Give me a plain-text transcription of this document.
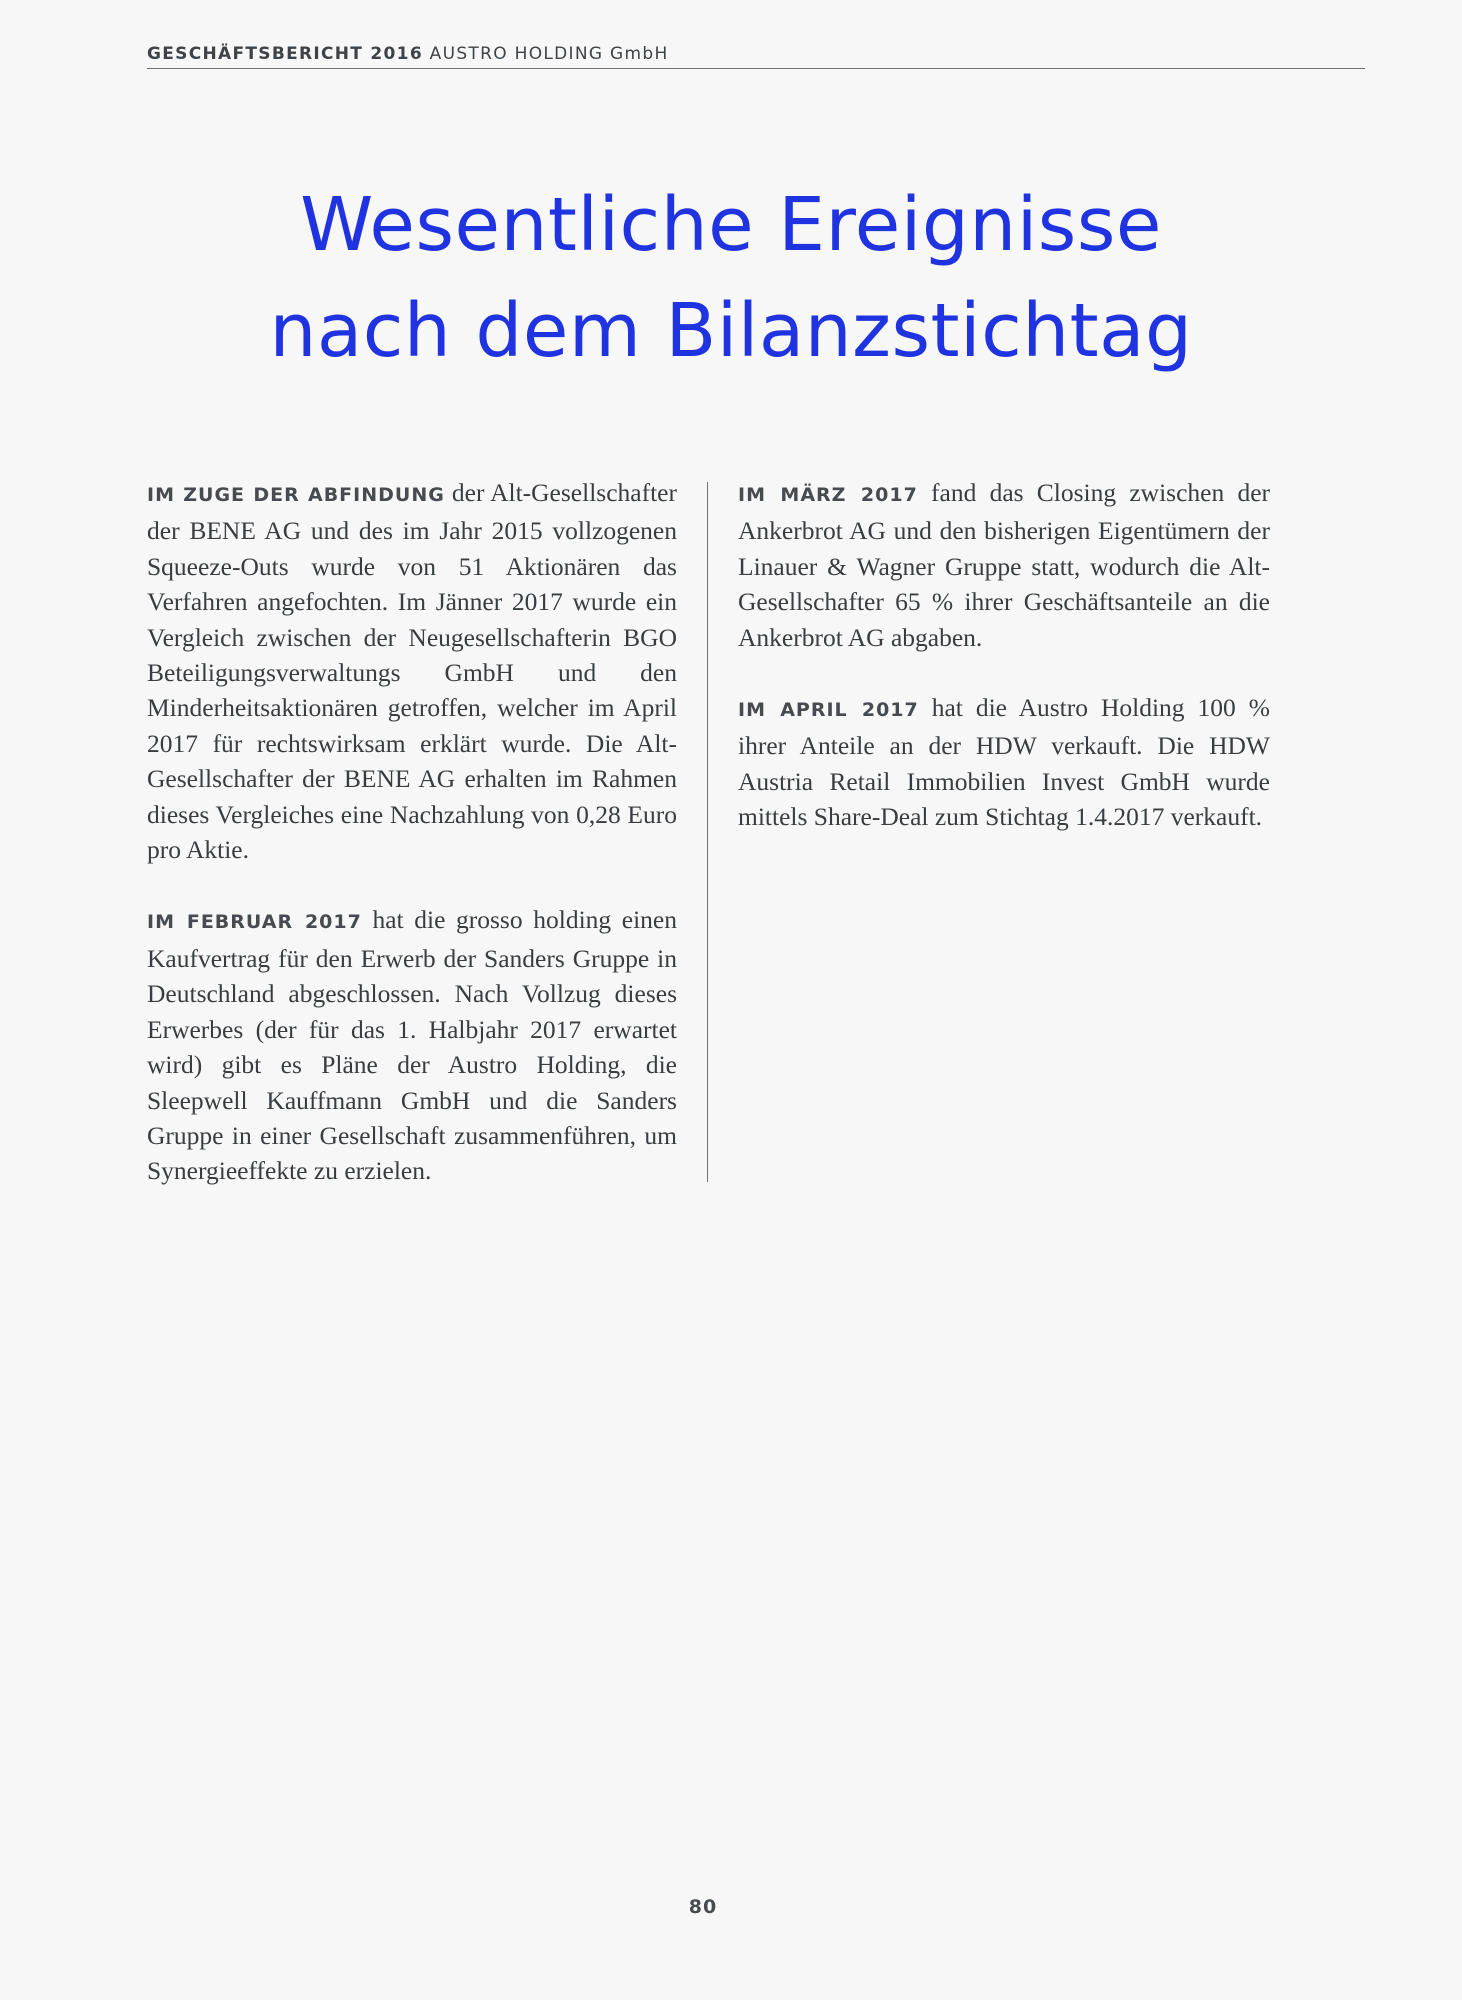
GESCHÄFTSBERICHT 2016 AUSTRO HOLDING GmbH
Wesentliche Ereignisse
nach dem Bilanzstichtag

IM ZUGE DER ABFINDUNG der Alt-Gesellschafter der BENE AG und des im Jahr 2015 vollzogenen Squeeze-Outs wurde von 51 Aktionären das Verfahren angefochten. Im Jänner 2017 wurde ein Vergleich zwischen der Neugesellschafterin BGO Beteiligungsverwaltungs GmbH und den Minderheitsaktionären getroffen, welcher im April 2017 für rechtswirksam erklärt wurde. Die Alt-Gesellschafter der BENE AG erhalten im Rahmen dieses Vergleiches eine Nachzahlung von 0,28 Euro pro Aktie.

IM FEBRUAR 2017 hat die grosso holding einen Kaufvertrag für den Erwerb der Sanders Gruppe in Deutschland abgeschlossen. Nach Vollzug dieses Erwerbes (der für das 1. Halbjahr 2017 erwartet wird) gibt es Pläne der Austro Holding, die Sleepwell Kauffmann GmbH und die Sanders Gruppe in einer Gesellschaft zusammenführen, um Synergieeffekte zu erzielen.

IM MÄRZ 2017 fand das Closing zwischen der Ankerbrot AG und den bisherigen Eigentümern der Linauer & Wagner Gruppe statt, wodurch die Alt-Gesellschafter 65 % ihrer Geschäftsanteile an die Ankerbrot AG abgaben.

IM APRIL 2017 hat die Austro Holding 100 % ihrer Anteile an der HDW verkauft. Die HDW Austria Retail Immobilien Invest GmbH wurde mittels Share-Deal zum Stichtag 1.4.2017 verkauft.

80
